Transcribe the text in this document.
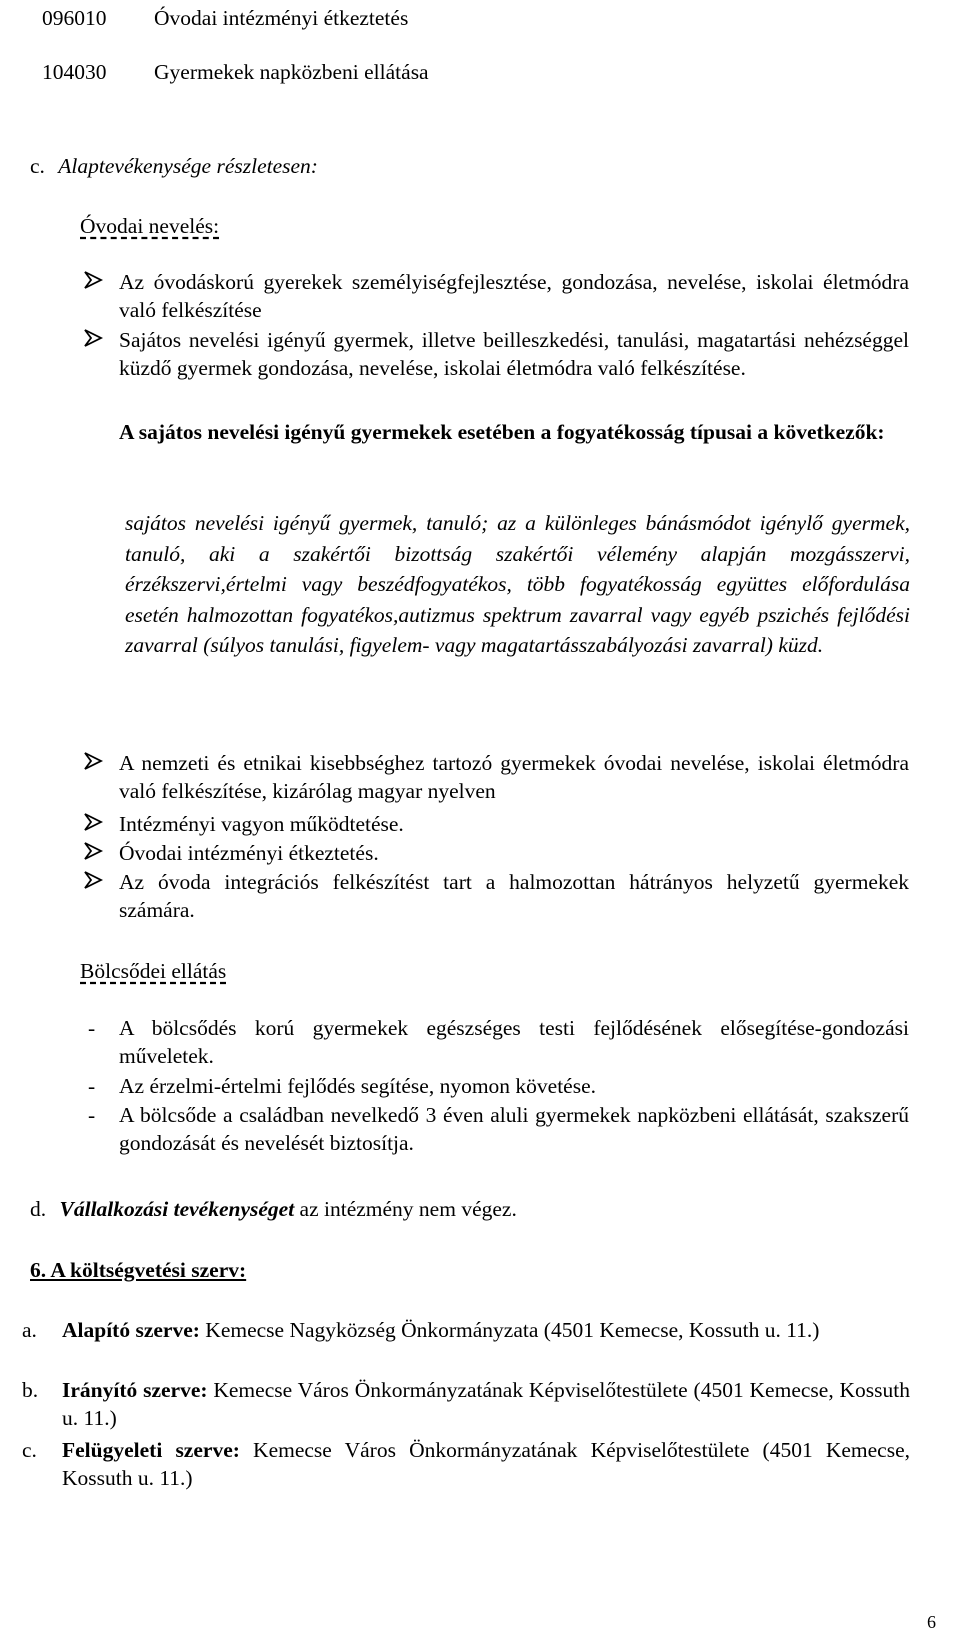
096010 Óvodai intézményi étkeztetés
104030 Gyermekek napközbeni ellátása
c. Alaptevékenysége részletesen:
Óvodai nevelés:

Az óvodáskorú gyerekek személyiségfejlesztése, gondozása, nevelése, iskolai életmódra való felkészítése

Sajátos nevelési igényű gyermek, illetve beilleszkedési, tanulási, magatartási nehézséggel küzdő gyermek gondozása, nevelése, iskolai életmódra való felkészítése.

A sajátos nevelési igényű gyermekek esetében a fogyatékosság típusai a következők:

sajátos nevelési igényű gyermek, tanuló; az a különleges bánásmódot igénylő gyermek, tanuló, aki a szakértői bizottság szakértői vélemény alapján mozgásszervi, érzékszervi,értelmi vagy beszédfogyatékos, több fogyatékosság együttes előfordulása esetén halmozottan fogyatékos,autizmus spektrum zavarral vagy egyéb pszichés fejlődési zavarral (súlyos tanulási, figyelem- vagy magatartásszabályozási zavarral) küzd.

A nemzeti és etnikai kisebbséghez tartozó gyermekek óvodai nevelése, iskolai életmódra való felkészítése, kizárólag magyar nyelven

Intézményi vagyon működtetése.

Óvodai intézményi étkeztetés.

Az óvoda integrációs felkészítést tart a halmozottan hátrányos helyzetű gyermekek számára.

Bölcsődei ellátás
- A bölcsődés korú gyermekek egészséges testi fejlődésének elősegítése-gondozási műveletek.

- Az érzelmi-értelmi fejlődés segítése, nyomon követése.

- A bölcsőde a családban nevelkedő 3 éven aluli gyermekek napközbeni ellátását, szakszerű gondozását és nevelését biztosítja.

d. Vállalkozási tevékenységet az intézmény nem végez.
6. A költségvetési szerv:
a. Alapító szerve: Kemecse Nagyközség Önkormányzata (4501 Kemecse, Kossuth u. 11.)

b. Irányító szerve: Kemecse Város Önkormányzatának Képviselőtestülete (4501 Kemecse, Kossuth u. 11.)

c. Felügyeleti szerve: Kemecse Város Önkormányzatának Képviselőtestülete (4501 Kemecse, Kossuth u. 11.)

6
